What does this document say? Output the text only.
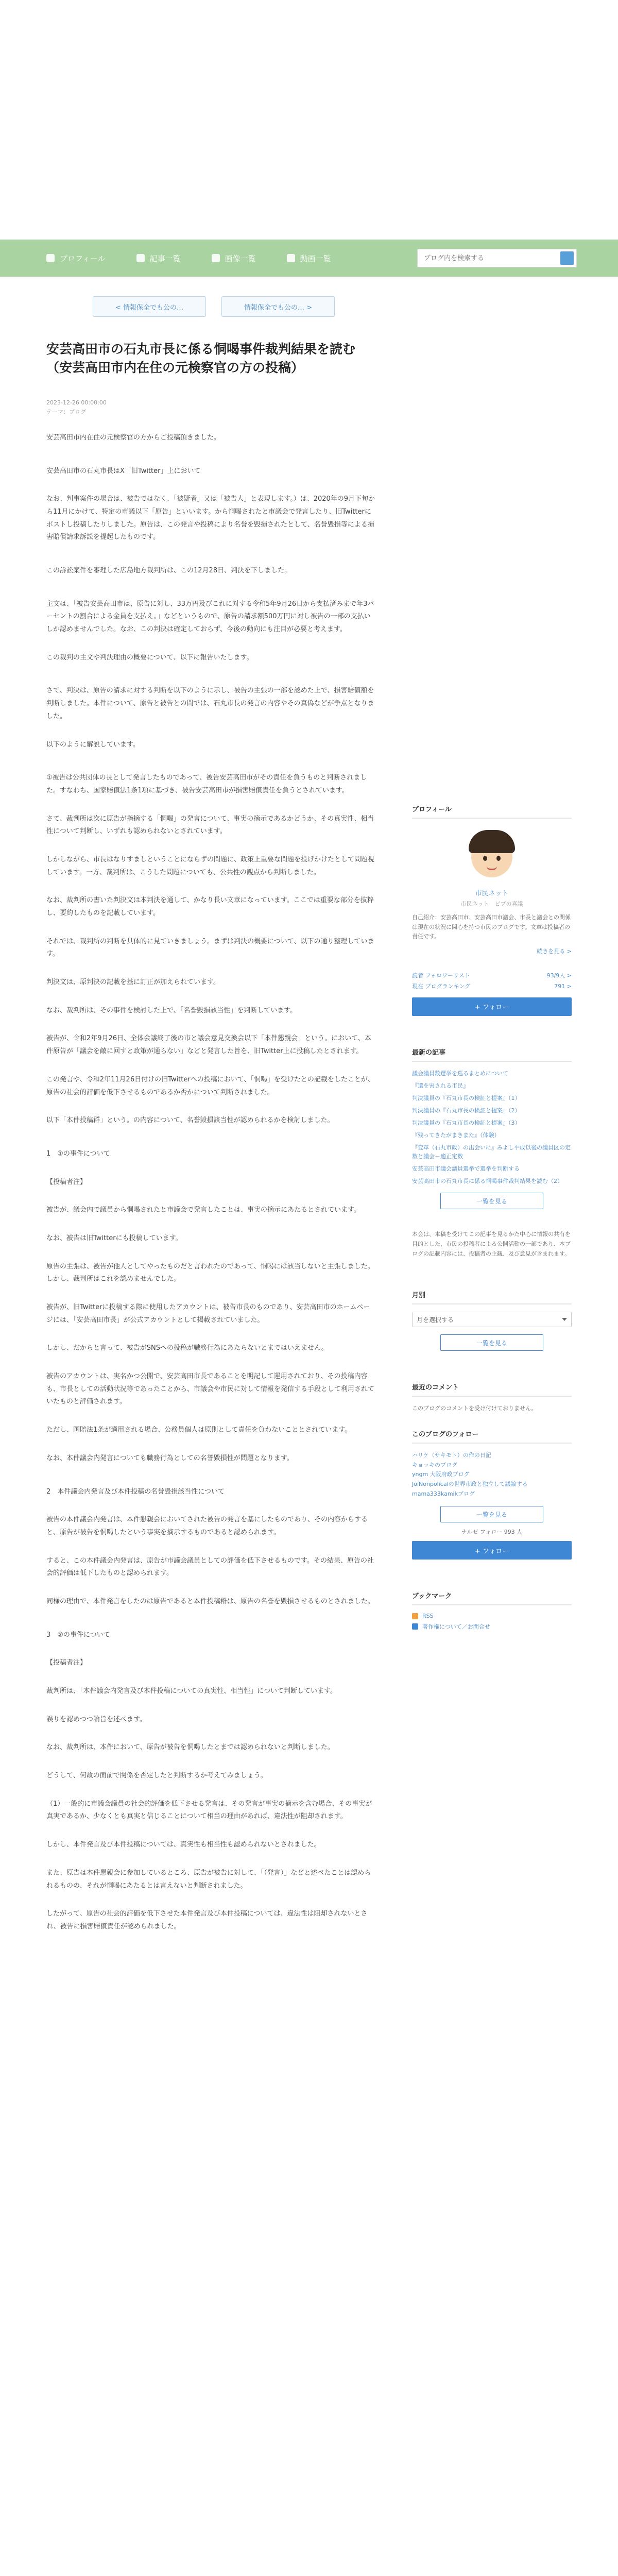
プロフィール	記事一覧	画像一覧	動画一覧
ブログ内を検索する
< 情報保全でも公の…	情報保全でも公の… >
安芸高田市の石丸市長に係る恫喝事件裁判結果を読む（安芸高田市内在住の元検察官の方の投稿）
2023-12-26 00:00:00
テーマ：ブログ

安芸高田市内在住の元検察官の方からご投稿頂きました。

安芸高田市の石丸市長はX「旧Twitter」上において

なお、判事案件の場合は、被告ではなく、「被疑者」又は「被告人」と表現します。）は、2020年の9月下旬から11月にかけて、特定の市議以下「原告」といいます。から恫喝されたと市議会で発言したり、旧Twitterにポストし投稿したりしました。原告は、この発言や投稿により名誉を毀損されたとして、名誉毀損等による損害賠償請求訴訟を提起したものです。

この訴訟案件を審理した広島地方裁判所は、この12月28日、判決を下しました。

主文は、「被告安芸高田市は、原告に対し、33万円及びこれに対する令和5年9月26日から支払済みまで年3パーセントの割合による金員を支払え。」などというもので、原告の請求額500万円に対し被告の一部の支払いしか認めませんでした。なお、この判決は確定しておらず、今後の動向にも注目が必要と考えます。

この裁判の主文や判決理由の概要について、以下に報告いたします。

さて、判決は、原告の請求に対する判断を以下のように示し、被告の主張の一部を認めた上で、損害賠償額を判断しました。本件について、原告と被告との間では、石丸市長の発言の内容やその真偽などが争点となりました。

以下のように解説しています。

①被告は公共団体の長として発言したものであって、被告安芸高田市がその責任を負うものと判断されました。すなわち、国家賠償法1条1項に基づき、被告安芸高田市が損害賠償責任を負うとされています。

さて、裁判所は次に原告が指摘する「恫喝」の発言について、事実の摘示であるかどうか、その真実性、相当性について判断し、いずれも認められないとされています。

しかしながら、市長はなりすましということにならずの問題に、政策上重要な問題を投げかけたとして問題視しています。一方、裁判所は、こうした問題についても、公共性の観点から判断しました。

なお、裁判所の書いた判決文は本判決を通して、かなり長い文章になっています。ここでは重要な部分を抜粋し、要約したものを記載しています。

それでは、裁判所の判断を具体的に見ていきましょう。まずは判決の概要について、以下の通り整理しています。

判決文は、原判決の記載を基に訂正が加えられています。

なお、裁判所は、その事件を検討した上で、「名誉毀損該当性」を判断しています。

被告が、令和2年9月26日、全体会議終了後の市と議会意見交換会以下「本件懇親会」という。において、本件原告が「議会を敵に回すと政策が通らない」などと発言した旨を、旧Twitter上に投稿したとされます。

この発言や、令和2年11月26日付けの旧Twitterへの投稿において、「恫喝」を受けたとの記載をしたことが、原告の社会的評価を低下させるものであるか否かについて判断されました。

以下「本件投稿群」という。の内容について、名誉毀損該当性が認められるかを検討しました。

1　①の事件について

【投稿者注】

被告が、議会内で議員から恫喝されたと市議会で発言したことは、事実の摘示にあたるとされています。

なお、被告は旧Twitterにも投稿しています。

原告の主張は、被告が他人としてやったものだと言われたのであって、恫喝には該当しないと主張しました。しかし、裁判所はこれを認めませんでした。

被告が、旧Twitterに投稿する際に使用したアカウントは、被告市長のものであり、安芸高田市のホームページには、「安芸高田市長」が公式アカウントとして掲載されていました。

しかし、だからと言って、被告がSNSへの投稿が職務行為にあたらないとまではいえません。

被告のアカウントは、実名かつ公開で、安芸高田市長であることを明記して運用されており、その投稿内容も、市長としての活動状況等であったことから、市議会や市民に対して情報を発信する手段として利用されていたものと評価されます。

ただし、国賠法1条が適用される場合、公務員個人は原則として責任を負わないこととされています。

なお、本件議会内発言についても職務行為としての名誉毀損性が問題となります。

2　本件議会内発言及び本件投稿の名誉毀損該当性について

被告の本件議会内発言は、本件懇親会においてされた被告の発言を基にしたものであり、その内容からすると、原告が被告を恫喝したという事実を摘示するものであると認められます。

すると、この本件議会内発言は、原告が市議会議員としての評価を低下させるものです。その結果、原告の社会的評価は低下したものと認められます。

同様の理由で、本件発言をしたのは原告であると本件投稿群は、原告の名誉を毀損させるものとされました。

3　②の事件について

【投稿者注】

裁判所は、「本件議会内発言及び本件投稿についての真実性、相当性」について判断しています。

誤りを認めつつ論旨を述べます。

なお、裁判所は、本件において、原告が被告を恫喝したとまでは認められないと判断しました。

どうして、何故の面前で関係を否定したと判断するか考えてみましょう。

（1）一般的に市議会議員の社会的評価を低下させる発言は、その発言が事実の摘示を含む場合、その事実が真実であるか、少なくとも真実と信じることについて相当の理由があれば、違法性が阻却されます。

しかし、本件発言及び本件投稿については、真実性も相当性も認められないとされました。

また、原告は本件懇親会に参加しているところ、原告が被告に対して、「（発言）」などと述べたことは認められるものの、それが恫喝にあたるとは言えないと判断されました。

したがって、原告の社会的評価を低下させた本件発言及び本件投稿については、違法性は阻却されないとされ、被告に損害賠償責任が認められました。

プロフィール
市民ネット
市民ネット　ビブの喜議
自己紹介：安芸高田市、安芸高田市議会、市長と議会との関係は現在の状況に関心を持つ市民のブログです。文章は投稿者の責任です。
続きを見る >
読者 フォロワーリスト	93/9人 >
現在 ブログランキング	791 >
+ フォロー
最新の記事
議会議員数選挙を巡るまとめについて
『還を害される市民』
判決議員の『石丸市長の検証と提案』（1）
判決議員の『石丸市長の検証と提案』（2）
判決議員の『石丸市長の検証と提案』（3）
『残ってきたがまきまた』（体験）
『変革（石丸市政）の出会いに』みよし平成以後の議員区の定数と議会－適正定数
安芸高田市議会議員選挙で選挙を判断する
安芸高田市の石丸市長に係る恫喝事件裁判結果を読む（2）
一覧を見る
本会は、本稿を受けてこの記事を見るかた中心に情報の共有を目的とした、市民の投稿者による公開活動の一部であり、本ブログの記載内容には、投稿者の主観、及び意見が含まれます。
月別
月を選択する
一覧を見る
最近のコメント
このブログのコメントを受け付けておりません。
このブログのフォロー
ハリケ（サキモト）の作の日記
キョッキのブログ
yngm 大阪府政ブログ
JoiNonpolicalの世界市政と独立して議論する
mama333kamikブログ
一覧を見る
ナルゼ フォロー 993 人
+ フォロー
ブックマーク
RSS
著作権について／お問合せ
